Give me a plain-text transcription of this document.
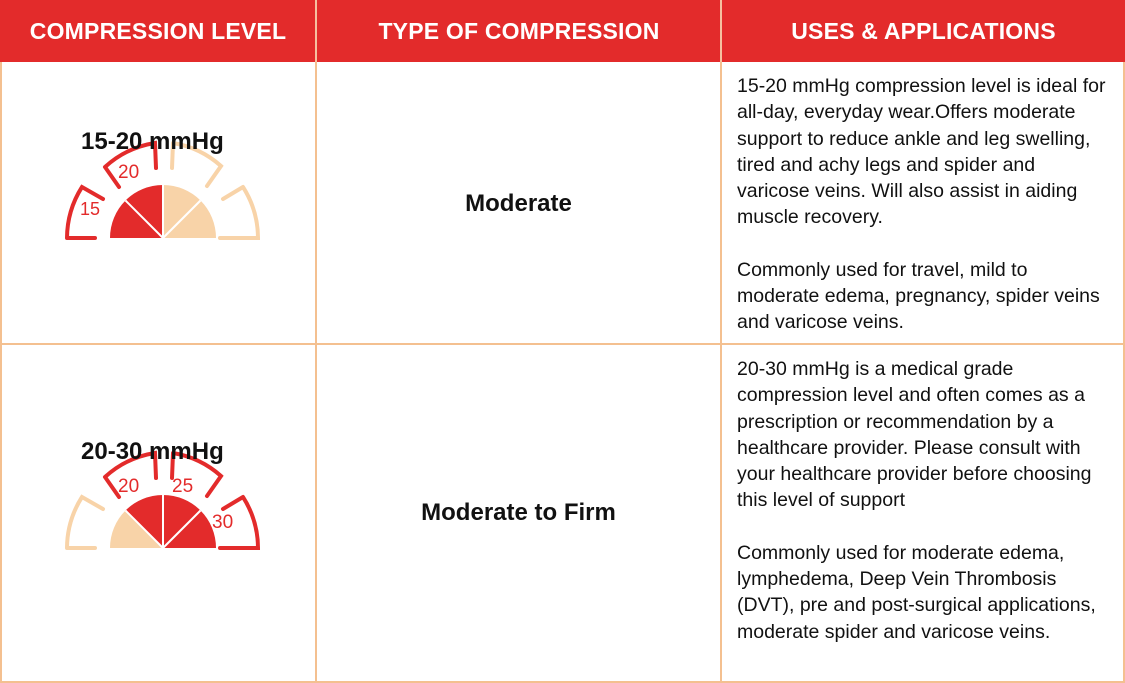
COMPRESSION LEVEL	TYPE OF COMPRESSION	USES & APPLICATIONS
15
20
15-20 mmHg
Moderate

15-20 mmHg compression level is ideal for all-day, everyday wear.Offers moderate support to reduce ankle and leg swelling, tired and achy legs and spider and varicose veins. Will also assist in aiding muscle recovery.

Commonly used for travel, mild to moderate edema, pregnancy, spider veins and varicose veins.

20 25
30
20-30 mmHg
Moderate to Firm

20-30 mmHg is a medical grade compression level and often comes as a prescription or recommendation by a healthcare provider. Please consult with your healthcare provider before choosing this level of support

Commonly used for moderate edema, lymphedema, Deep Vein Thrombosis (DVT), pre and post-surgical applications, moderate spider and varicose veins.
